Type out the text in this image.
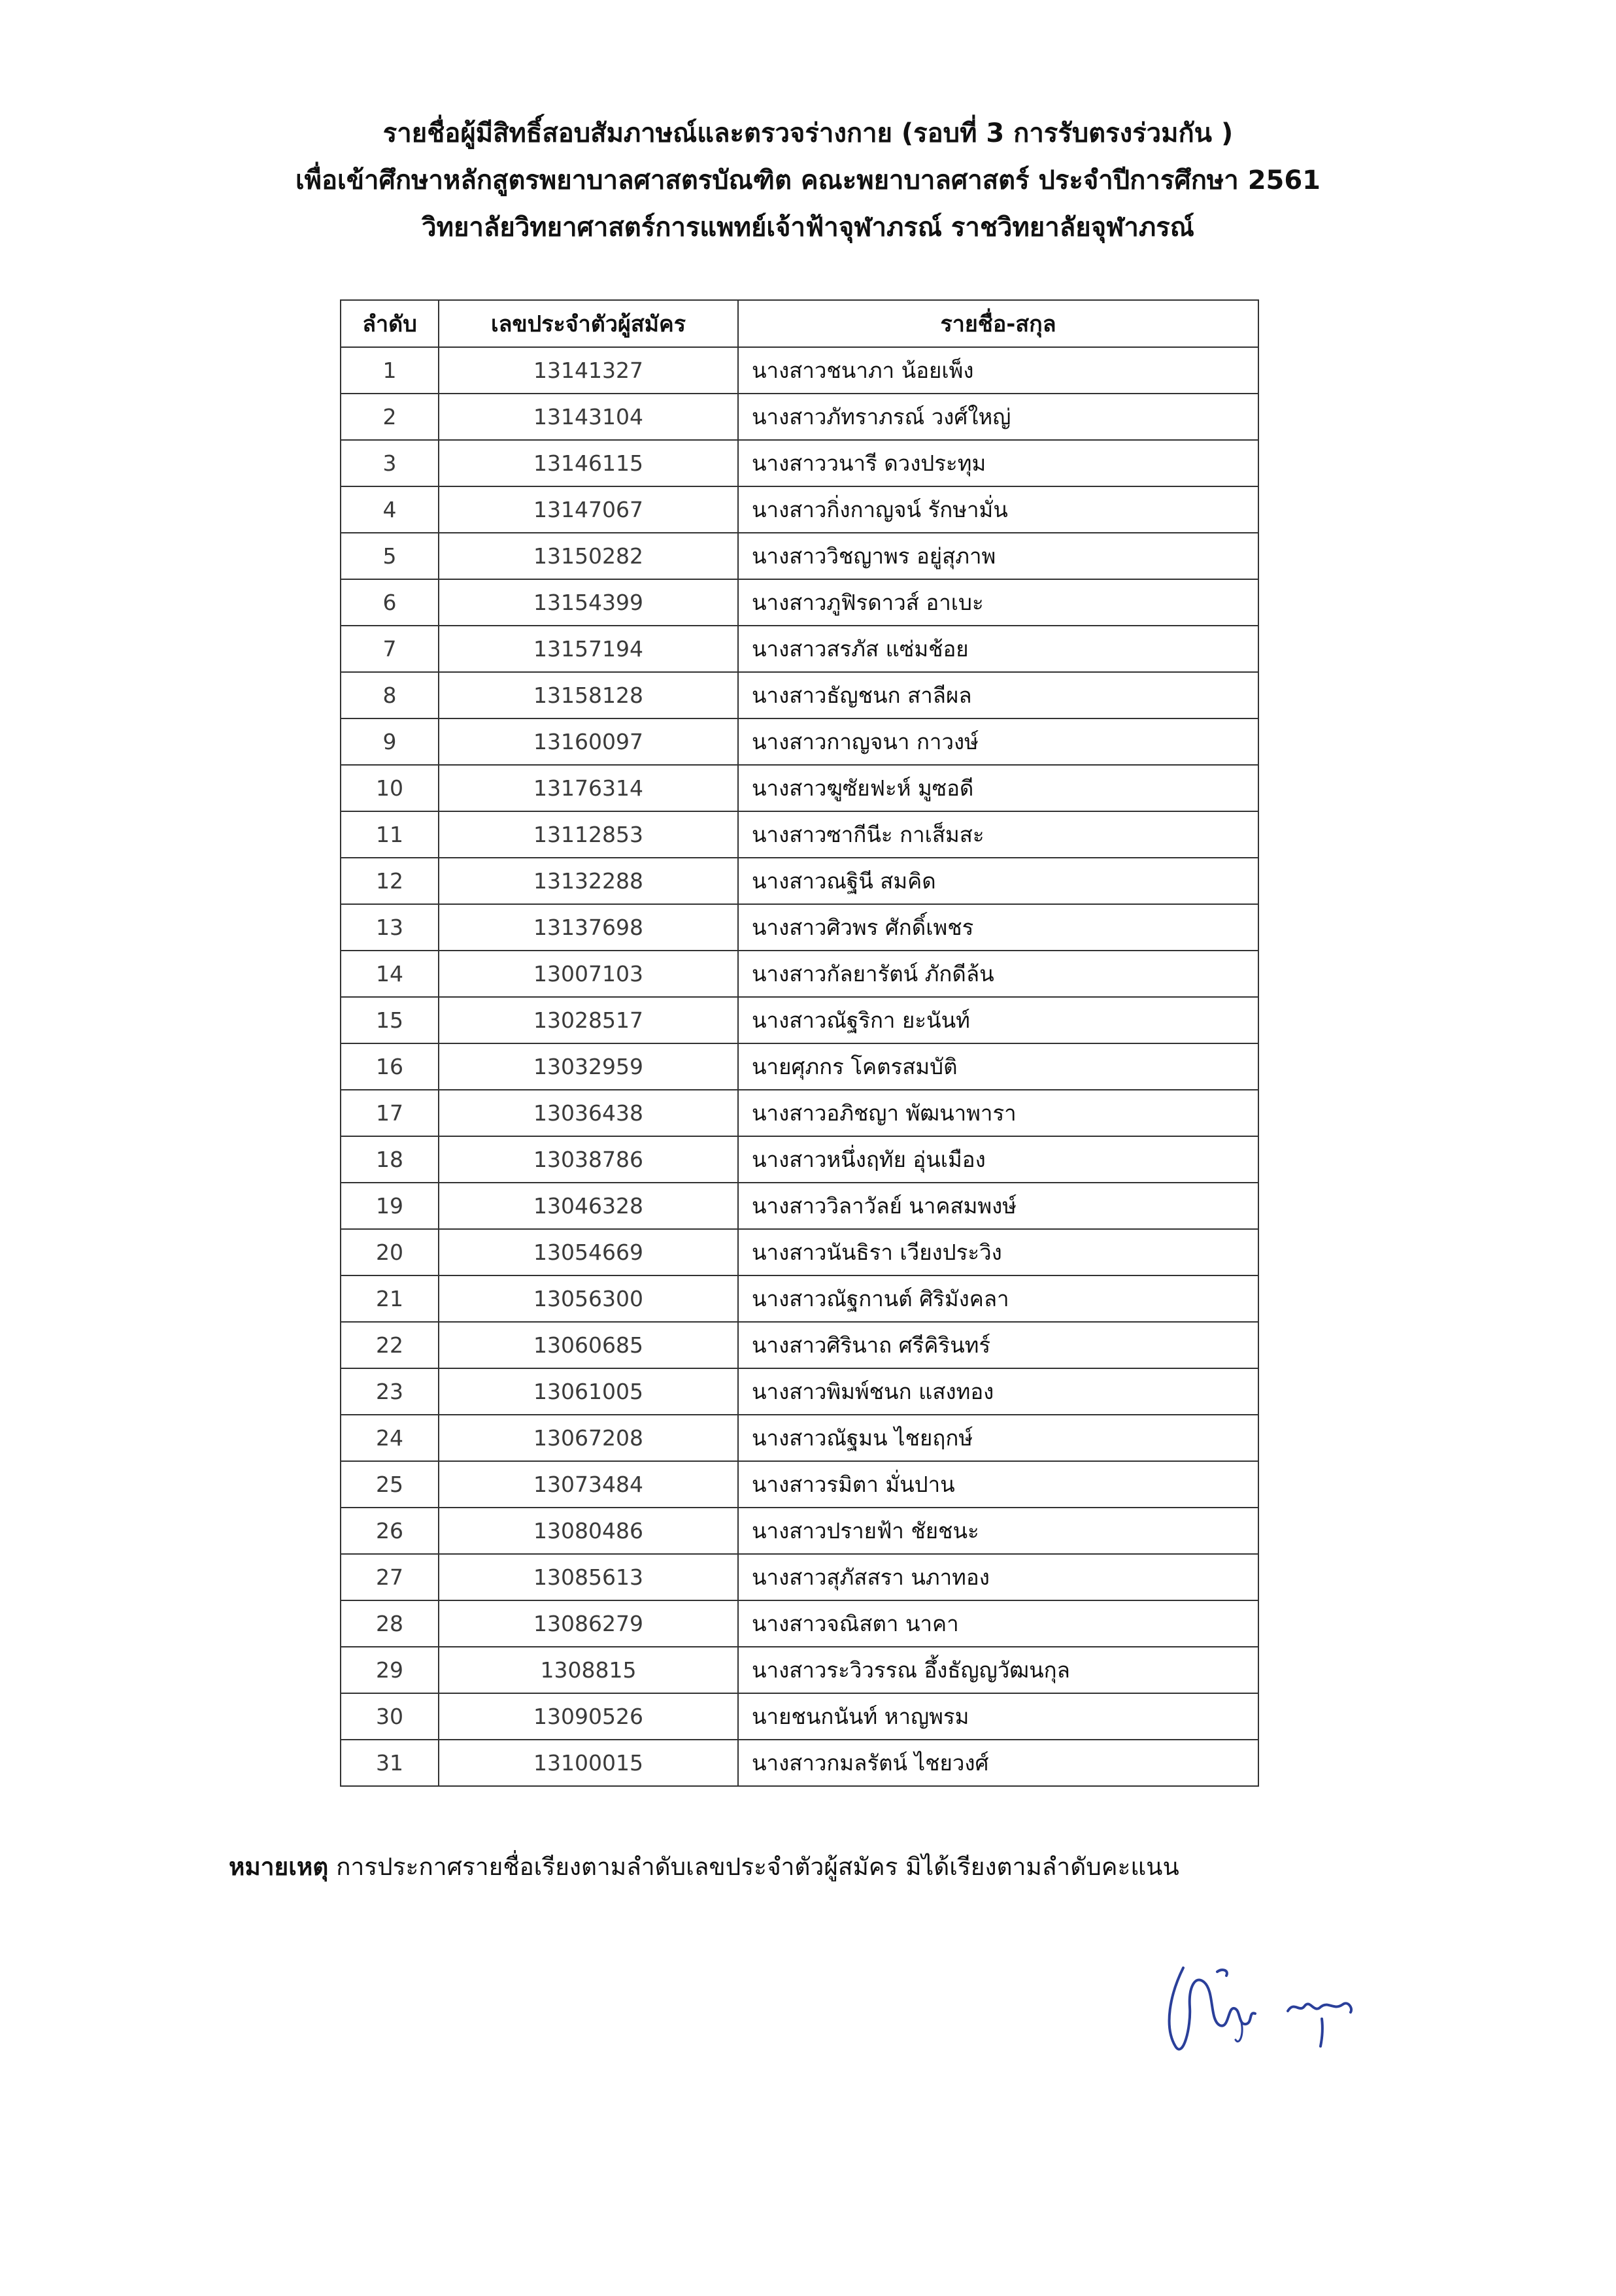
รายชื่อผู้มีสิทธิ์สอบสัมภาษณ์และตรวจร่างกาย (รอบที่ 3 การรับตรงร่วมกัน )
เพื่อเข้าศึกษาหลักสูตรพยาบาลศาสตรบัณฑิต คณะพยาบาลศาสตร์ ประจำปีการศึกษา 2561
วิทยาลัยวิทยาศาสตร์การแพทย์เจ้าฟ้าจุฬาภรณ์ ราชวิทยาลัยจุฬาภรณ์
ลำดับ	เลขประจำตัวผู้สมัคร	รายชื่อ-สกุล
1	13141327	นางสาวชนาภา น้อยเพ็ง
2	13143104	นางสาวภัทราภรณ์ วงศ์ใหญ่
3	13146115	นางสาววนารี ดวงประทุม
4	13147067	นางสาวกิ่งกาญจน์ รักษามั่น
5	13150282	นางสาววิชญาพร อยู่สุภาพ
6	13154399	นางสาวภูฟิรดาวส์ อาเบะ
7	13157194	นางสาวสรภัส แซ่มช้อย
8	13158128	นางสาวธัญชนก สาลีผล
9	13160097	นางสาวกาญจนา กาวงษ์
10	13176314	นางสาวฆูซัยฟะห์ มูซอดี
11	13112853	นางสาวซากีนีะ กาเส็มสะ
12	13132288	นางสาวณฐินี สมคิด
13	13137698	นางสาวศิวพร ศักดิ์เพชร
14	13007103	นางสาวกัลยารัตน์ ภักดีล้น
15	13028517	นางสาวณัฐริกา ยะนันท์
16	13032959	นายศุภกร โคตรสมบัติ
17	13036438	นางสาวอภิชญา พัฒนาพารา
18	13038786	นางสาวหนึ่งฤทัย อุ่นเมือง
19	13046328	นางสาววิลาวัลย์ นาคสมพงษ์
20	13054669	นางสาวนันธิรา เวียงประวิง
21	13056300	นางสาวณัฐกานต์ ศิริมังคลา
22	13060685	นางสาวศิรินาถ ศรีคิรินทร์
23	13061005	นางสาวพิมพ์ชนก แสงทอง
24	13067208	นางสาวณัฐมน ไชยฤกษ์
25	13073484	นางสาวรมิตา มั่นปาน
26	13080486	นางสาวปรายฟ้า ชัยชนะ
27	13085613	นางสาวสุภัสสรา นภาทอง
28	13086279	นางสาวจณิสตา นาคา
29	1308815	นางสาวระวิวรรณ อึ้งธัญญวัฒนกุล
30	13090526	นายชนกนันท์ หาญพรม
31	13100015	นางสาวกมลรัตน์ ไชยวงศ์
หมายเหตุ การประกาศรายชื่อเรียงตามลำดับเลขประจำตัวผู้สมัคร มิได้เรียงตามลำดับคะแนน
